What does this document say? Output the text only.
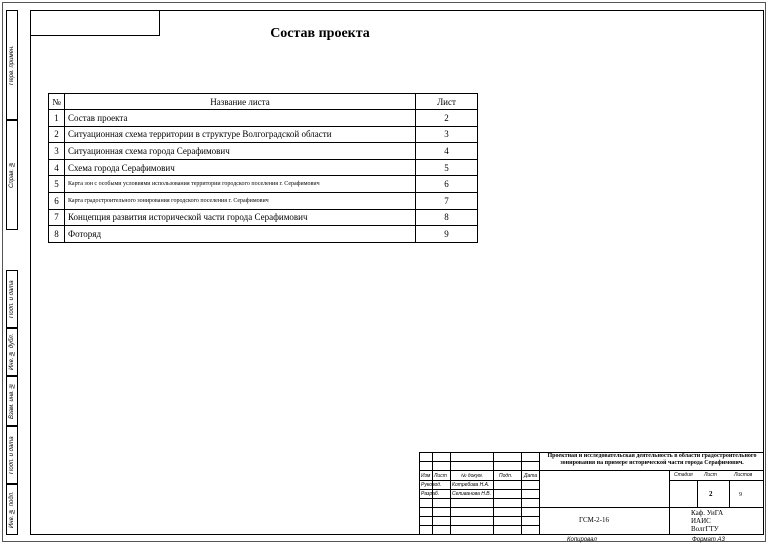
Перв. примен.
Справ. №
Подп. и дата
Инв. № дубл.
Взам. инв. №
Подп. и дата
Инв. № подл.
Состав проекта
№	Название листа	Лист
1	Состав проекта	2
2	Ситуационная схема территории в структуре Волгоградской области	3
3	Ситуационная схема города Серафимович	4
4	Схема города Серафимович	5
5	Карта зон с особыми условиями использования территории городского поселения г. Серафимович	6
6	Карта градостроительного зонирования городского поселения г. Серафимович	7
7	Концепция развития исторической части города Серафимович	8
8	Фоторяд	9
Проектная и исследовательская деятельность в области градостроительного зонирования на примере исторической части города Серафимович.
Изм Лист	№ докум.	Подп. Дата
Руковод. Котребова Н.А.
Разраб.	Селиванова Н.В.
Стадия Лист	Листов
2	9
ГСМ-2-16
Каф. УиГА
ИАИС
ВолгГТУ
Копировал	Формат А3
